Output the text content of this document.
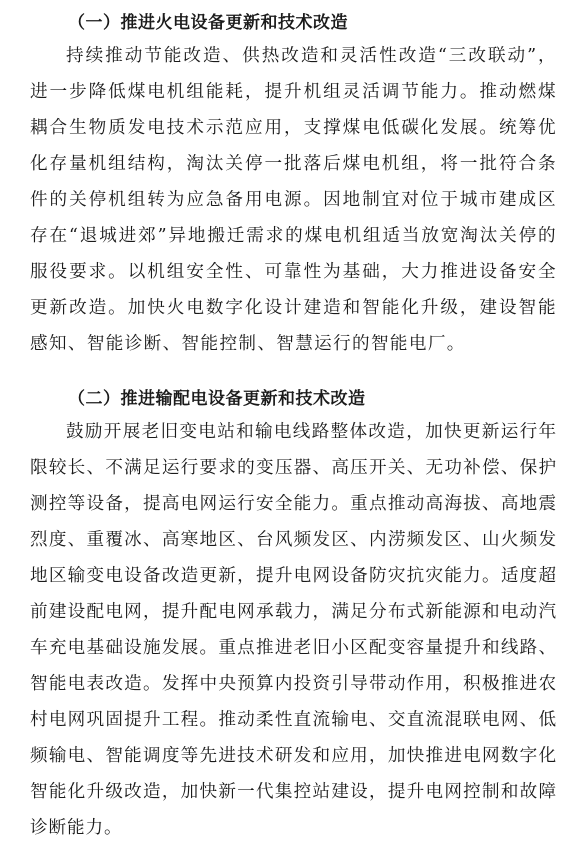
（一）推进火电设备更新和技术改造

持续推动节能改造、供热改造和灵活性改造“三改联动”，进一步降低煤电机组能耗，提升机组灵活调节能力。推动燃煤耦合生物质发电技术示范应用，支撑煤电低碳化发展。统筹优化存量机组结构，淘汰关停一批落后煤电机组，将一批符合条件的关停机组转为应急备用电源。因地制宜对位于城市建成区存在“退城进郊”异地搬迁需求的煤电机组适当放宽淘汰关停的服役要求。以机组安全性、可靠性为基础，大力推进设备安全更新改造。加快火电数字化设计建造和智能化升级，建设智能感知、智能诊断、智能控制、智慧运行的智能电厂。

（二）推进输配电设备更新和技术改造

鼓励开展老旧变电站和输电线路整体改造，加快更新运行年限较长、不满足运行要求的变压器、高压开关、无功补偿、保护测控等设备，提高电网运行安全能力。重点推动高海拔、高地震烈度、重覆冰、高寒地区、台风频发区、内涝频发区、山火频发地区输变电设备改造更新，提升电网设备防灾抗灾能力。适度超前建设配电网，提升配电网承载力，满足分布式新能源和电动汽车充电基础设施发展。重点推进老旧小区配变容量提升和线路、智能电表改造。发挥中央预算内投资引导带动作用，积极推进农村电网巩固提升工程。推动柔性直流输电、交直流混联电网、低频输电、智能调度等先进技术研发和应用，加快推进电网数字化智能化升级改造，加快新一代集控站建设，提升电网控制和故障诊断能力。
